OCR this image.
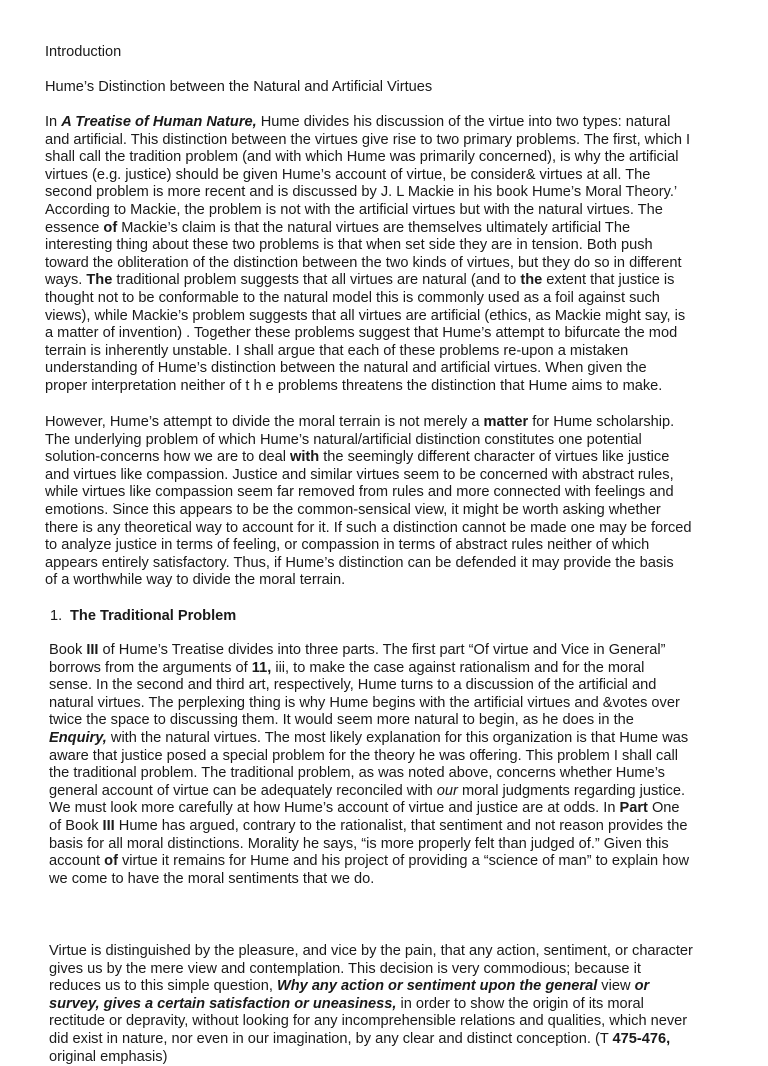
Introduction
Hume’s Distinction between the Natural and Artificial Virtues
In A Treatise of Human Nature, Hume divides his discussion of the virtue into two types: natural
and artificial. This distinction between the virtues give rise to two primary problems. The first, which I
shall call the tradition problem (and with which Hume was primarily concerned), is why the artificial
virtues (e.g. justice) should be given Hume’s account of virtue, be consider& virtues at all. The
second problem is more recent and is discussed by J. L Mackie in his book Hume’s Moral Theory.’
According to Mackie, the problem is not with the artificial virtues but with the natural virtues. The
essence of Mackie’s claim is that the natural virtues are themselves ultimately artificial The
interesting thing about these two problems is that when set side they are in tension. Both push
toward the obliteration of the distinction between the two kinds of virtues, but they do so in different
ways. The traditional problem suggests that all virtues are natural (and to the extent that justice is
thought not to be conformable to the natural model this is commonly used as a foil against such
views), while Mackie’s problem suggests that all virtues are artificial (ethics, as Mackie might say, is
a matter of invention) . Together these problems suggest that Hume’s attempt to bifurcate the mod
terrain is inherently unstable. I shall argue that each of these problems re-upon a mistaken
understanding of Hume’s distinction between the natural and artificial virtues. When given the
proper interpretation neither of t h e problems threatens the distinction that Hume aims to make.
However, Hume’s attempt to divide the moral terrain is not merely a matter for Hume scholarship.
The underlying problem of which Hume’s natural/artificial distinction constitutes one potential
solution-concerns how we are to deal with the seemingly different character of virtues like justice
and virtues like compassion. Justice and similar virtues seem to be concerned with abstract rules,
while virtues like compassion seem far removed from rules and more connected with feelings and
emotions. Since this appears to be the common-sensical view, it might be worth asking whether
there is any theoretical way to account for it. If such a distinction cannot be made one may be forced
to analyze justice in terms of feeling, or compassion in terms of abstract rules neither of which
appears entirely satisfactory. Thus, if Hume’s distinction can be defended it may provide the basis
of a worthwhile way to divide the moral terrain.
1. The Traditional Problem
Book III of Hume’s Treatise divides into three parts. The first part “Of virtue and Vice in General”
borrows from the arguments of 11, iii, to make the case against rationalism and for the moral
sense. In the second and third art, respectively, Hume turns to a discussion of the artificial and
natural virtues. The perplexing thing is why Hume begins with the artificial virtues and &votes over
twice the space to discussing them. It would seem more natural to begin, as he does in the
Enquiry, with the natural virtues. The most likely explanation for this organization is that Hume was
aware that justice posed a special problem for the theory he was offering. This problem I shall call
the traditional problem. The traditional problem, as was noted above, concerns whether Hume’s
general account of virtue can be adequately reconciled with our moral judgments regarding justice.
We must look more carefully at how Hume’s account of virtue and justice are at odds. In Part One
of Book III Hume has argued, contrary to the rationalist, that sentiment and not reason provides the
basis for all moral distinctions. Morality he says, “is more properly felt than judged of.” Given this
account of virtue it remains for Hume and his project of providing a “science of man” to explain how
we come to have the moral sentiments that we do.
Virtue is distinguished by the pleasure, and vice by the pain, that any action, sentiment, or character
gives us by the mere view and contemplation. This decision is very commodious; because it
reduces us to this simple question, Why any action or sentiment upon the general view or
survey, gives a certain satisfaction or uneasiness, in order to show the origin of its moral
rectitude or depravity, without looking for any incomprehensible relations and qualities, which never
did exist in nature, nor even in our imagination, by any clear and distinct conception. (T 475-476,
original emphasis)
